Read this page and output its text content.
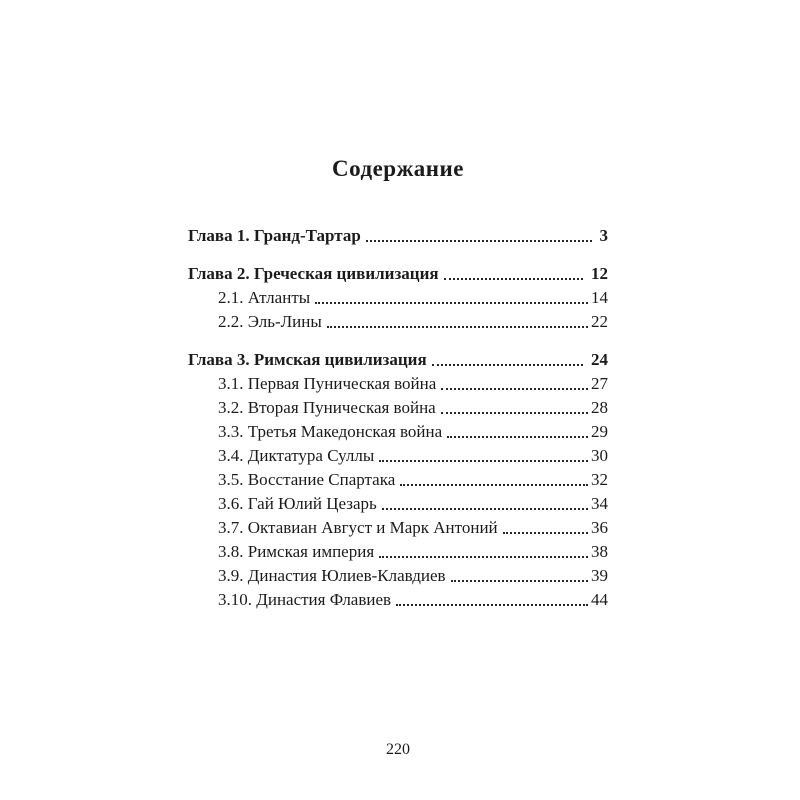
Содержание
Глава 1. Гранд-Тартар	3
Глава 2. Греческая цивилизация	12
2.1. Атланты	14
2.2. Эль-Лины	22
Глава 3. Римская цивилизация	24
3.1. Первая Пуническая война	27
3.2. Вторая Пуническая война	28
3.3. Третья Македонская война	29
3.4. Диктатура Суллы	30
3.5. Восстание Спартака	32
3.6. Гай Юлий Цезарь	34
3.7. Октавиан Август и Марк Антоний	36
3.8. Римская империя	38
3.9. Династия Юлиев-Клавдиев	39
3.10. Династия Флавиев	44
220
